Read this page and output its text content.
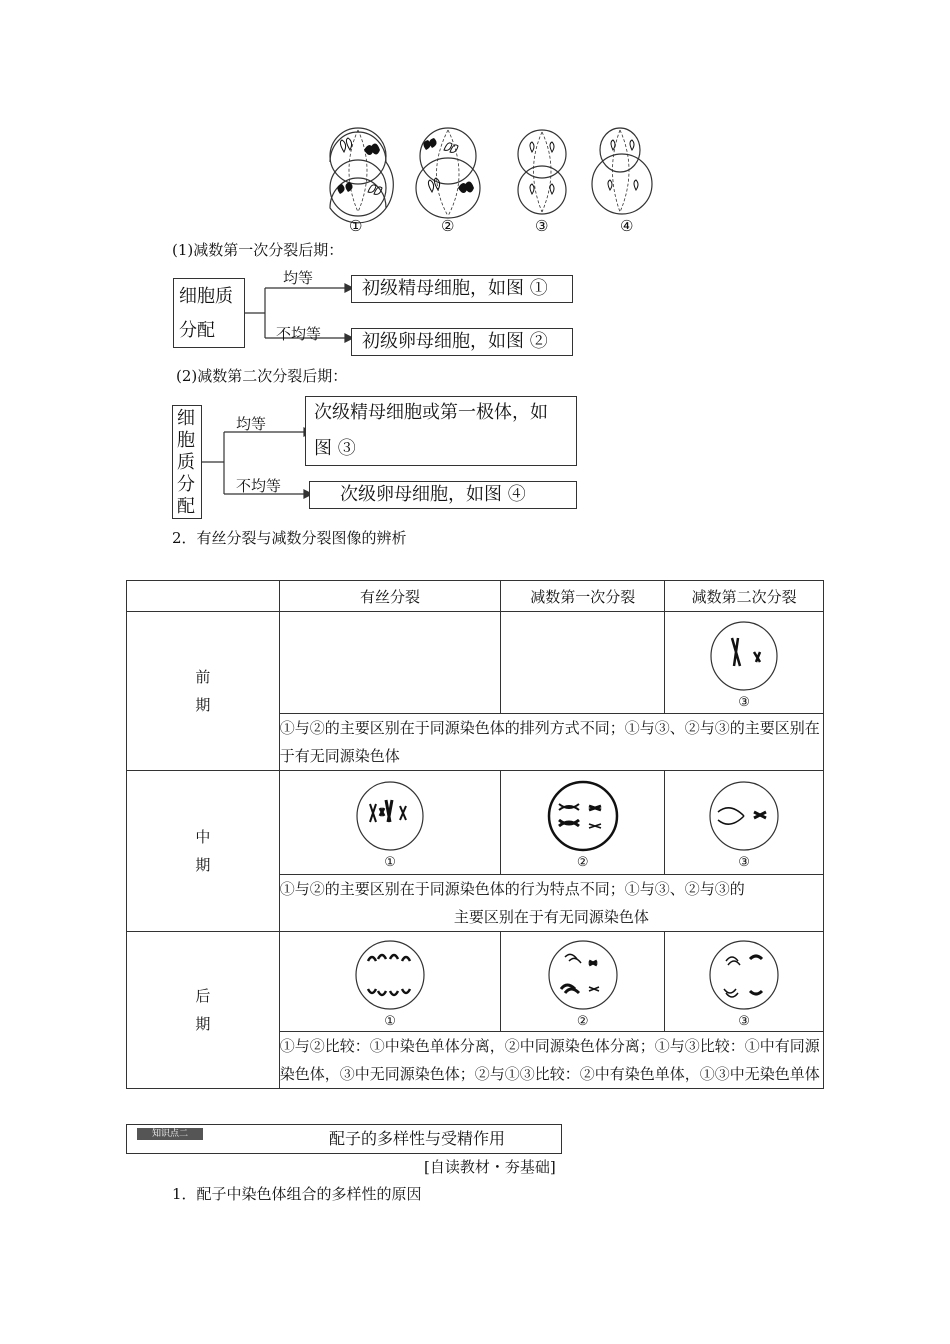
①	②	③	④
(1)减数第一次分裂后期：
细胞质
分配
均等
不均等
初级精母细胞，如图 ①
初级卵母细胞，如图 ②
(2)减数第二次分裂后期：
细
胞
质
分
配
均等
不均等
次级精母细胞或第一极体，如
图 ③
次级卵母细胞，如图 ④
2．有丝分裂与减数分裂图像的辨析
	有丝分裂	减数第一次分裂	减数第二次分裂

前
期			③

	①与②的主要区别在于同源染色体的排列方式不同；①与③、②与③的主要区别在于有无同源染色体		

中
期	①	②	③

	①与②的主要区别在于同源染色体的行为特点不同；①与③、②与③的
主要区别在于有无同源染色体		

后
期	①	②	③

	①与②比较：①中染色单体分离，②中同源染色体分离；①与③比较：①中有同源染色体，③中无同源染色体；②与①③比较：②中有染色单体，①③中无染色单体		
知识点二	配子的多样性与受精作用
[自读教材・夯基础]
1．配子中染色体组合的多样性的原因
